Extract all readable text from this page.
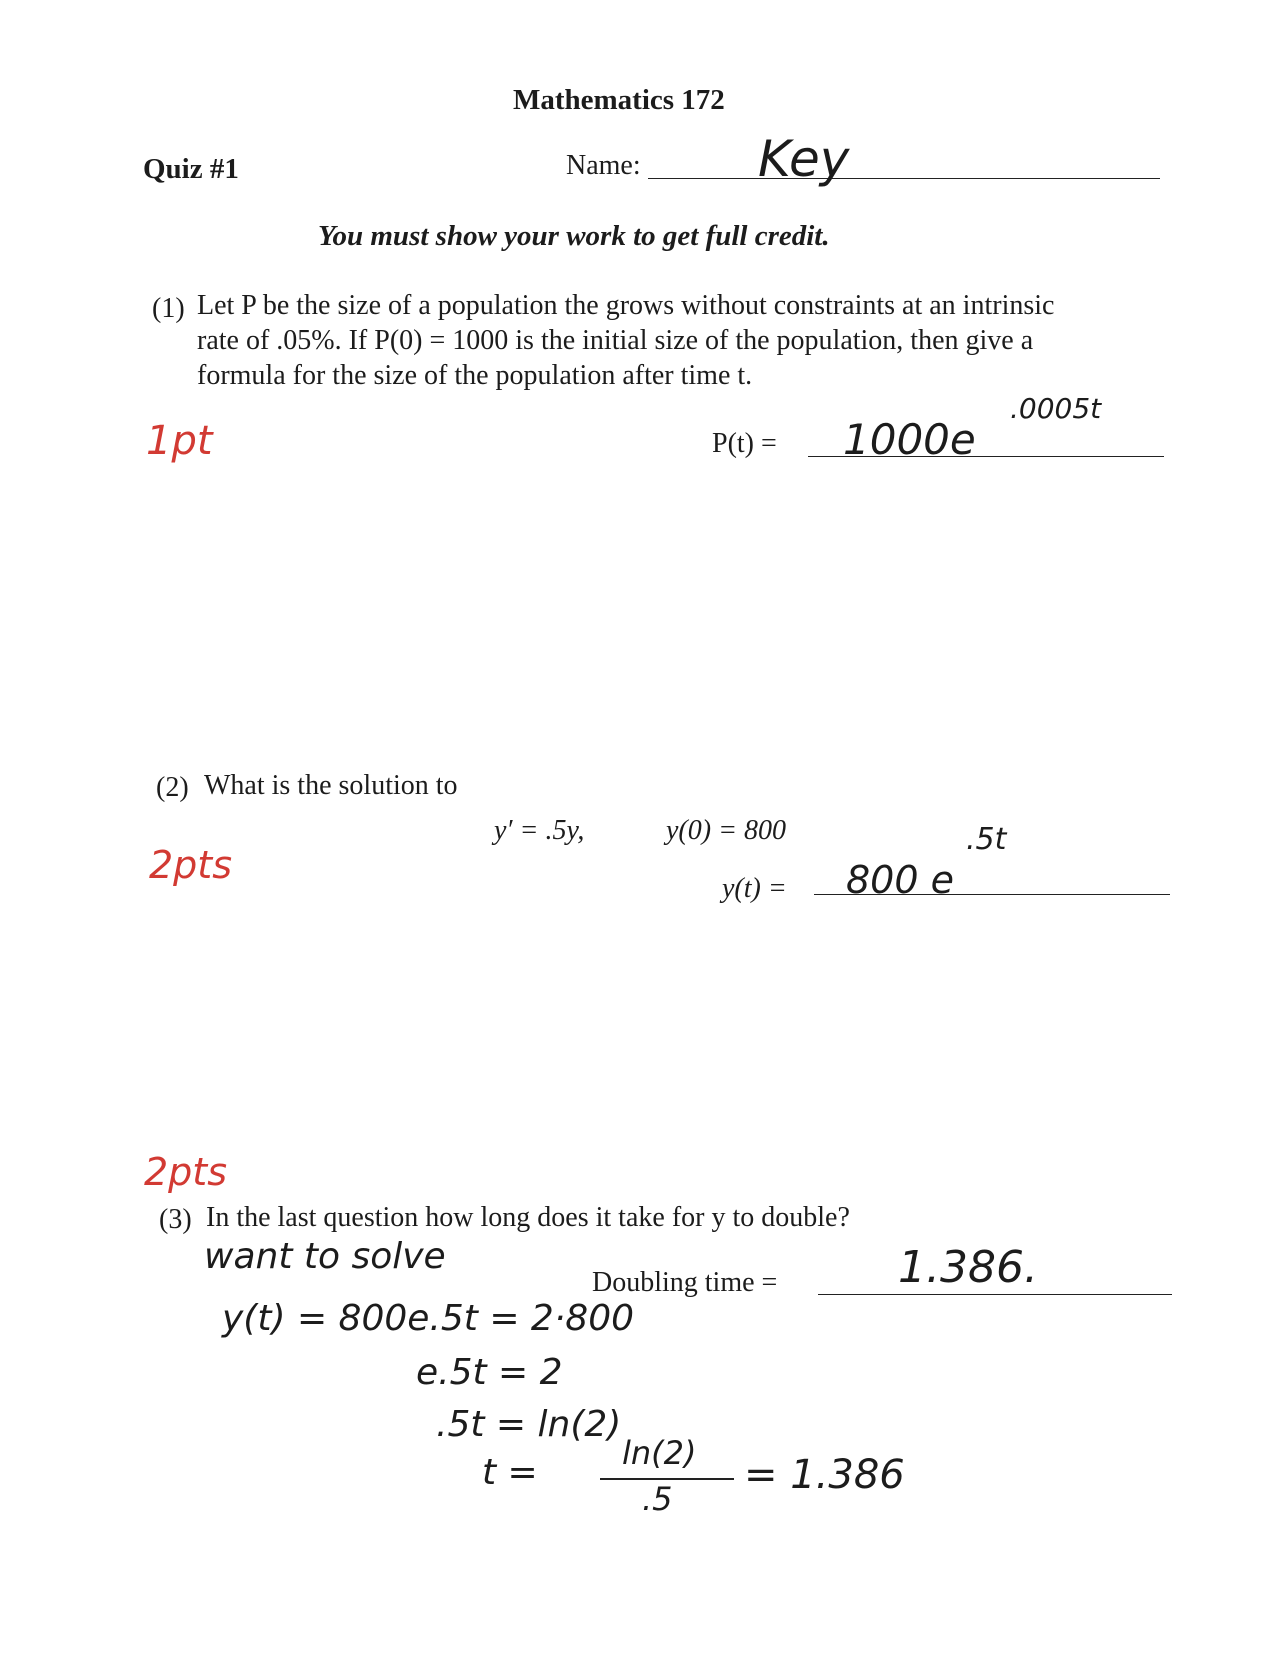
Mathematics 172
Quiz #1	Name: Key
You must show your work to get full credit.
(1) Let P be the size of a population the grows without constraints at an intrinsic
rate of .05%. If P(0) = 1000 is the initial size of the population, then give a
formula for the size of the population after time t.
1pt	P(t) = 1000e
.0005t
(2) What is the solution to
y′ = .5y,	y(0) = 800
2pts
y(t) = 800 e
.5t
2pts
(3) In the last question how long does it take for y to double?
Doubling time =	1.386.
want to solve
y(t) = 800e.5t = 2·800
e.5t = 2
.5t = ln(2)
t =	ln(2)
.5
= 1.386
